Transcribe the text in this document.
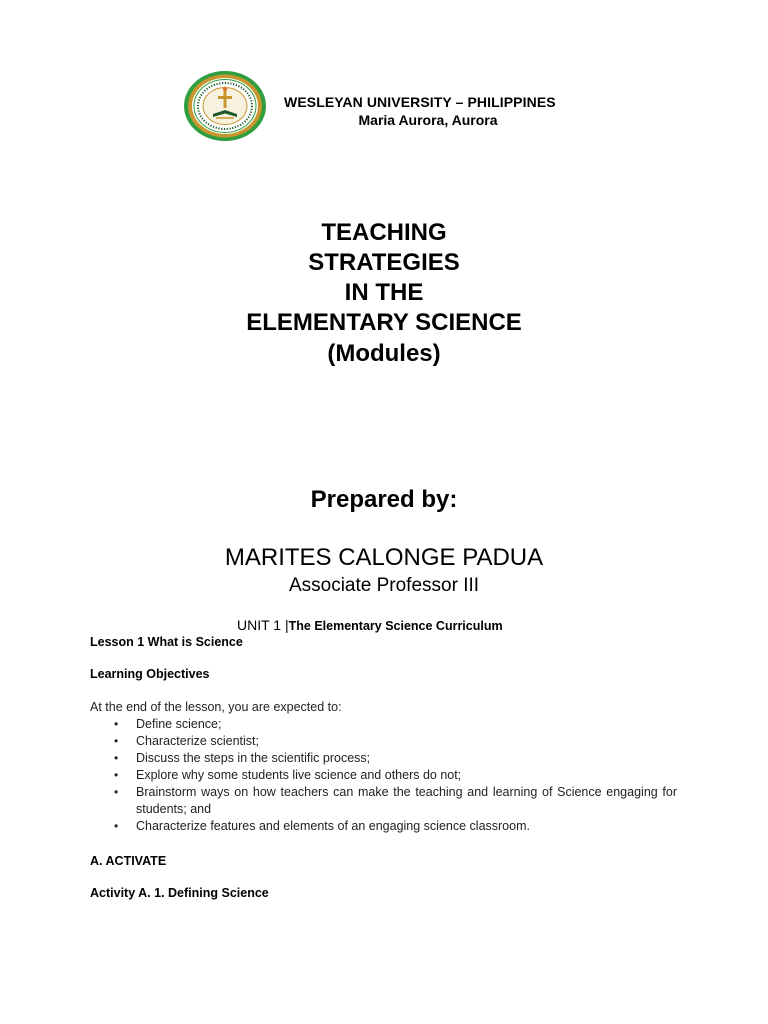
WESLEYAN UNIVERSITY – PHILIPPINES
Maria Aurora, Aurora
TEACHING
STRATEGIES
IN THE
ELEMENTARY SCIENCE
(Modules)
Prepared by:
MARITES CALONGE PADUA
Associate Professor III
UNIT 1 |The Elementary Science Curriculum
Lesson 1 What is Science
Learning Objectives
At the end of the lesson, you are expected to:
• Define science;
• Characterize scientist;
• Discuss the steps in the scientific process;
• Explore why some students live science and others do not;
• Brainstorm ways on how teachers can make the teaching and learning of Science engaging for students; and
• Characterize features and elements of an engaging science classroom.
A. ACTIVATE
Activity A. 1. Defining Science
